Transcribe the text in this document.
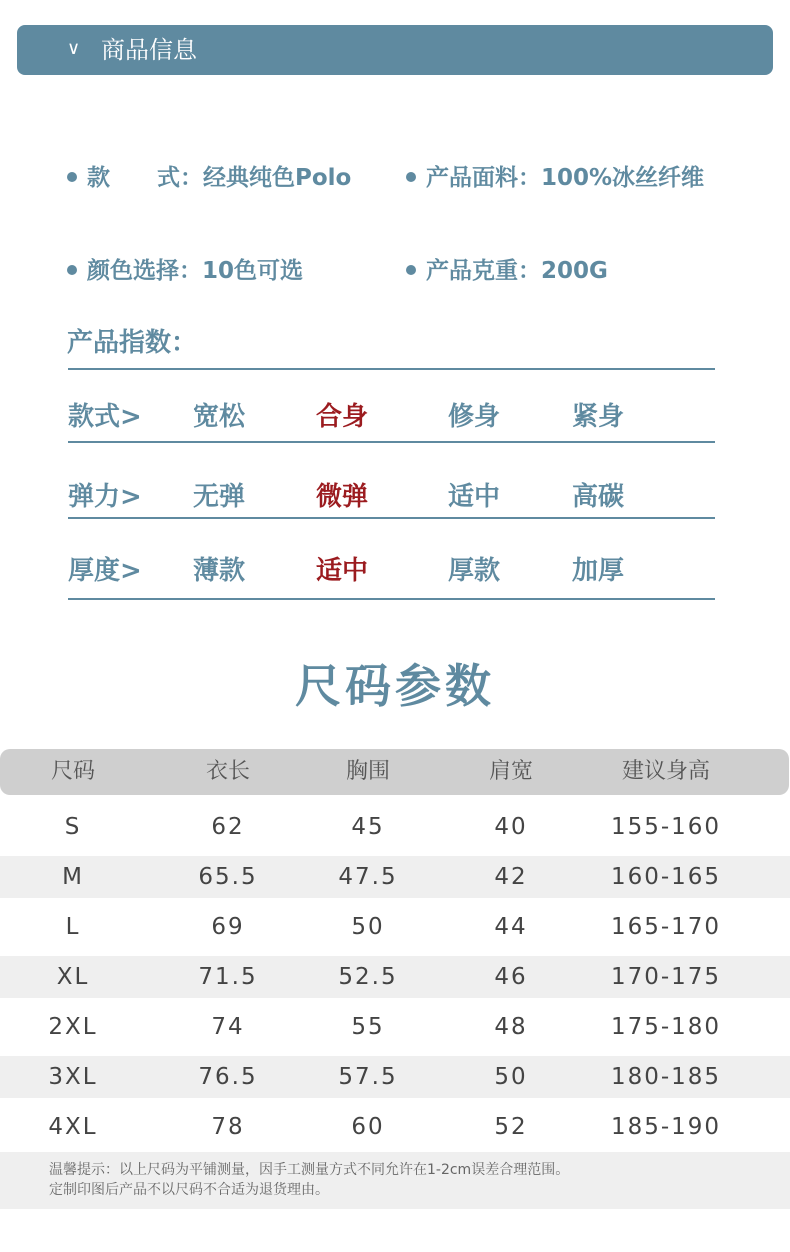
∨ 商品信息
款 式：经典纯色Polo	产品面料：100%冰丝纤维
颜色选择：10色可选	产品克重：200G
产品指数：
款式> 宽松	合身	修身	紧身
弹力> 无弹	微弹	适中	高碳
厚度> 薄款	适中	厚款	加厚
尺码参数
尺码	衣长	胸围	肩宽	建议身高
S	62	45	40	155-160
M	65.5	47.5	42	160-165
L	69	50	44	165-170
XL	71.5	52.5	46	170-175
2XL	74	55	48	175-180
3XL	76.5	57.5	50	180-185
4XL	78	60	52	185-190
温馨提示：以上尺码为平铺测量，因手工测量方式不同允许在1-2cm误差合理范围。
定制印图后产品不以尺码不合适为退货理由。
